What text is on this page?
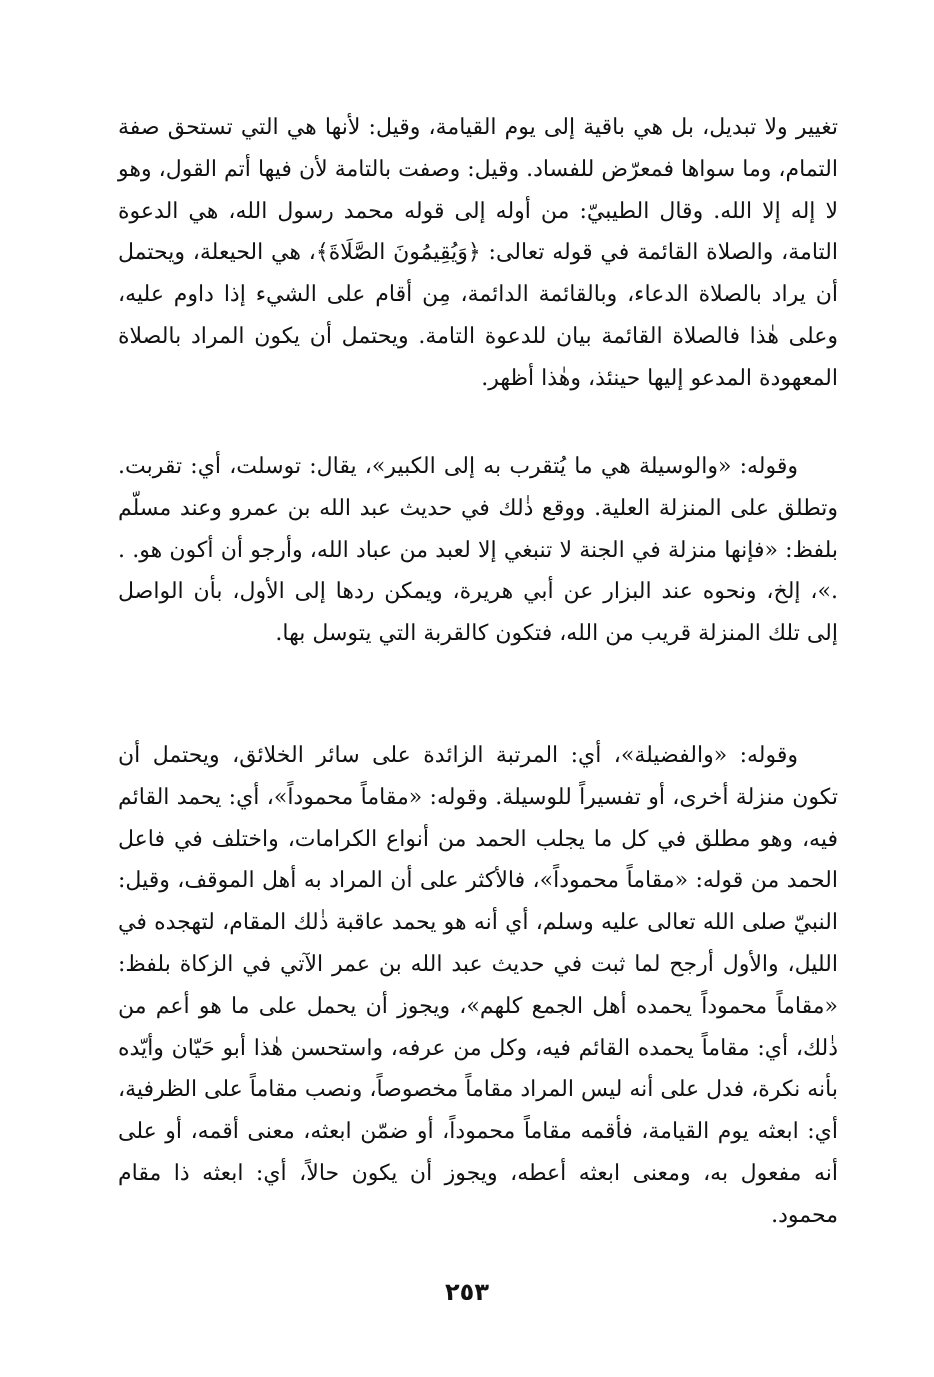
تغيير ولا تبديل، بل هي باقية إلى يوم القيامة، وقيل: لأنها هي التي تستحق صفة التمام، وما سواها فمعرّض للفساد. وقيل: وصفت بالتامة لأن فيها أتم القول، وهو لا إله إلا الله. وقال الطيبيّ: من أوله إلى قوله محمد رسول الله، هي الدعوة التامة، والصلاة القائمة في قوله تعالى: ﴿وَيُقِيمُونَ الصَّلَاةَ﴾، هي الحيعلة، ويحتمل أن يراد بالصلاة الدعاء، وبالقائمة الدائمة، مِن أقام على الشيء إذا داوم عليه، وعلى هٰذا فالصلاة القائمة بيان للدعوة التامة. ويحتمل أن يكون المراد بالصلاة المعهودة المدعو إليها حينئذ، وهٰذا أظهر.

وقوله: «والوسيلة هي ما يُتقرب به إلى الكبير»، يقال: توسلت، أي: تقربت. وتطلق على المنزلة العلية. ووقع ذٰلك في حديث عبد الله بن عمرو وعند مسلّم بلفظ: «فإنها منزلة في الجنة لا تنبغي إلا لعبد من عباد الله، وأرجو أن أكون هو. . .»، إلخ، ونحوه عند البزار عن أبي هريرة، ويمكن ردها إلى الأول، بأن الواصل إلى تلك المنزلة قريب من الله، فتكون كالقربة التي يتوسل بها.

وقوله: «والفضيلة»، أي: المرتبة الزائدة على سائر الخلائق، ويحتمل أن تكون منزلة أخرى، أو تفسيراً للوسيلة. وقوله: «مقاماً محموداً»، أي: يحمد القائم فيه، وهو مطلق في كل ما يجلب الحمد من أنواع الكرامات، واختلف في فاعل الحمد من قوله: «مقاماً محموداً»، فالأكثر على أن المراد به أهل الموقف، وقيل: النبيّ صلى الله تعالى عليه وسلم، أي أنه هو يحمد عاقبة ذٰلك المقام، لتهجده في الليل، والأول أرجح لما ثبت في حديث عبد الله بن عمر الآتي في الزكاة بلفظ: «مقاماً محموداً يحمده أهل الجمع كلهم»، ويجوز أن يحمل على ما هو أعم من ذٰلك، أي: مقاماً يحمده القائم فيه، وكل من عرفه، واستحسن هٰذا أبو حَيّان وأيّده بأنه نكرة، فدل على أنه ليس المراد مقاماً مخصوصاً، ونصب مقاماً على الظرفية، أي: ابعثه يوم القيامة، فأقمه مقاماً محموداً، أو ضمّن ابعثه، معنى أقمه، أو على أنه مفعول به، ومعنى ابعثه أعطه، ويجوز أن يكون حالاً، أي: ابعثه ذا مقام محمود.

٢٥٣
